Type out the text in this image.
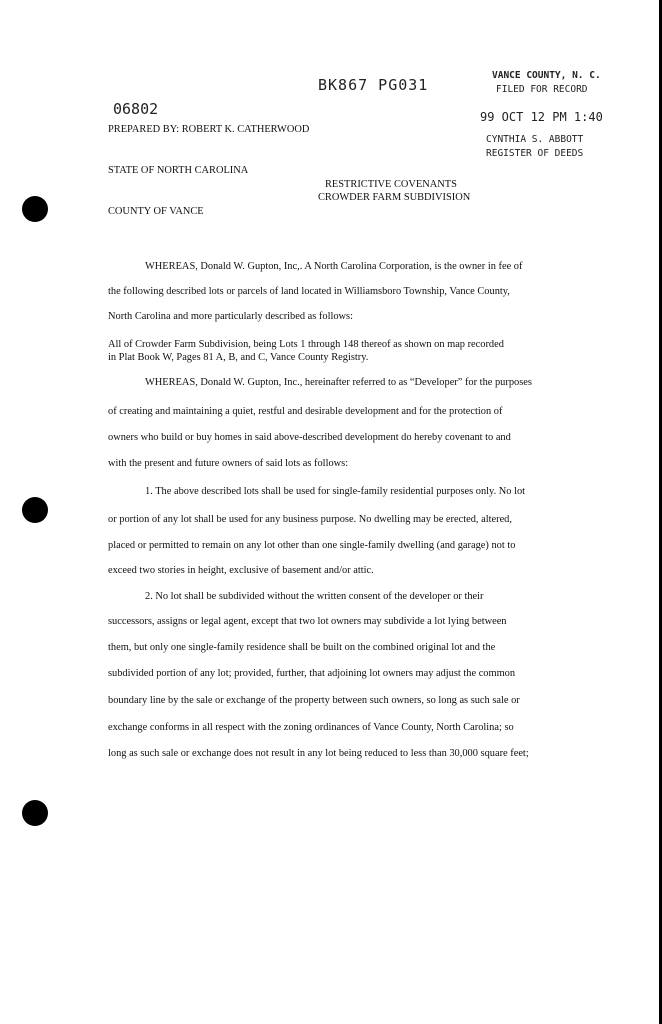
BK867 PG031
VANCE COUNTY, N. C.
FILED FOR RECORD
99 OCT 12 PM 1:40
CYNTHIA S. ABBOTT
REGISTER OF DEEDS
06802
PREPARED BY: ROBERT K. CATHERWOOD
STATE OF NORTH CAROLINA
COUNTY OF VANCE
RESTRICTIVE COVENANTS
CROWDER FARM SUBDIVISION
WHEREAS, Donald W. Gupton, Inc,. A North Carolina Corporation, is the owner in fee of
the following described lots or parcels of land located in Williamsboro Township, Vance County,
North Carolina and more particularly described as follows:
All of Crowder Farm Subdivision, being Lots 1 through 148 thereof as shown on map recorded
in Plat Book W, Pages 81 A, B, and C, Vance County Registry.
WHEREAS, Donald W. Gupton, Inc., hereinafter referred to as “Developer” for the purposes
of creating and maintaining a quiet, restful and desirable development and for the protection of
owners who build or buy homes in said above-described development do hereby covenant to and
with the present and future owners of said lots as follows:
1. The above described lots shall be used for single-family residential purposes only. No lot
or portion of any lot shall be used for any business purpose. No dwelling may be erected, altered,
placed or permitted to remain on any lot other than one single-family dwelling (and garage) not to
exceed two stories in height, exclusive of basement and/or attic.
2. No lot shall be subdivided without the written consent of the developer or their
successors, assigns or legal agent, except that two lot owners may subdivide a lot lying between
them, but only one single-family residence shall be built on the combined original lot and the
subdivided portion of any lot; provided, further, that adjoining lot owners may adjust the common
boundary line by the sale or exchange of the property between such owners, so long as such sale or
exchange conforms in all respect with the zoning ordinances of Vance County, North Carolina; so
long as such sale or exchange does not result in any lot being reduced to less than 30,000 square feet;
